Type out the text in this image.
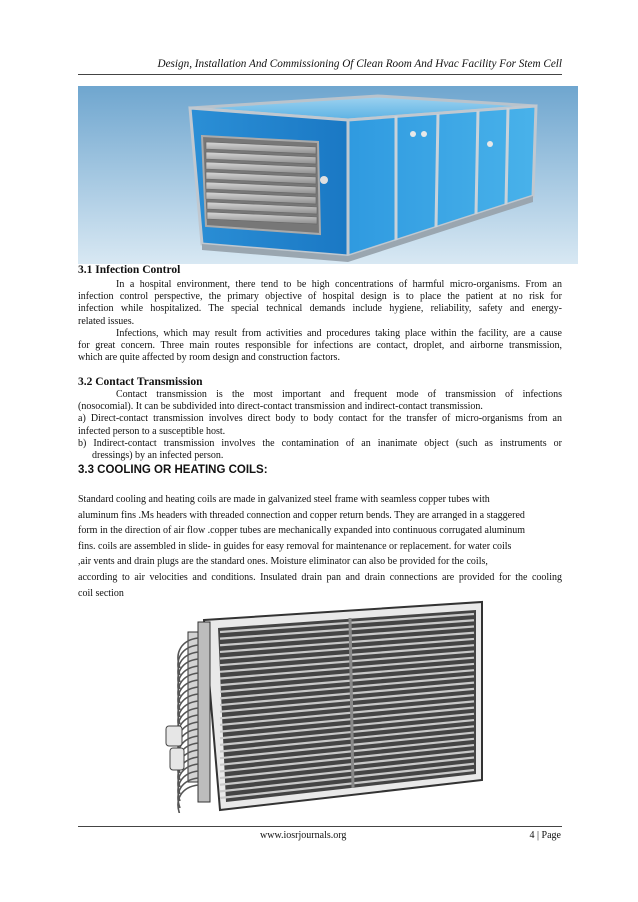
Design, Installation And Commissioning Of Clean Room And Hvac Facility For Stem Cell
3.1 Infection Control
In a hospital environment, there tend to be high concentrations of harmful micro-organisms. From an
infection control perspective, the primary objective of hospital design is to place the patient at no risk for
infection while hospitalized. The special technical demands include hygiene, reliability, safety and energy-
related issues.
Infections, which may result from activities and procedures taking place within the facility, are a cause
for great concern. Three main routes responsible for infections are contact, droplet, and airborne transmission,
which are quite affected by room design and construction factors.
3.2 Contact Transmission
Contact transmission is the most important and frequent mode of transmission of infections
(nosocomial). It can be subdivided into direct-contact transmission and indirect-contact transmission.
a) Direct-contact transmission involves direct body to body contact for the transfer of micro-organisms from an
infected person to a susceptible host.
b) Indirect-contact transmission involves the contamination of an inanimate object (such as instruments or
dressings) by an infected person.
3.3 COOLING OR HEATING COILS:
Standard cooling and heating coils are made in galvanized steel frame with seamless copper tubes with
aluminum fins .Ms headers with threaded connection and copper return bends. They are arranged in a staggered
form in the direction of air flow .copper tubes are mechanically expanded into continuous corrugated aluminum
fins. coils are assembled in slide- in guides for easy removal for maintenance or replacement. for water coils
,air vents and drain plugs are the standard ones. Moisture eliminator can also be provided for the coils,
according to air velocities and conditions. Insulated drain pan and drain connections are provided for the cooling
coil section
www.iosrjournals.org	4 | Page
